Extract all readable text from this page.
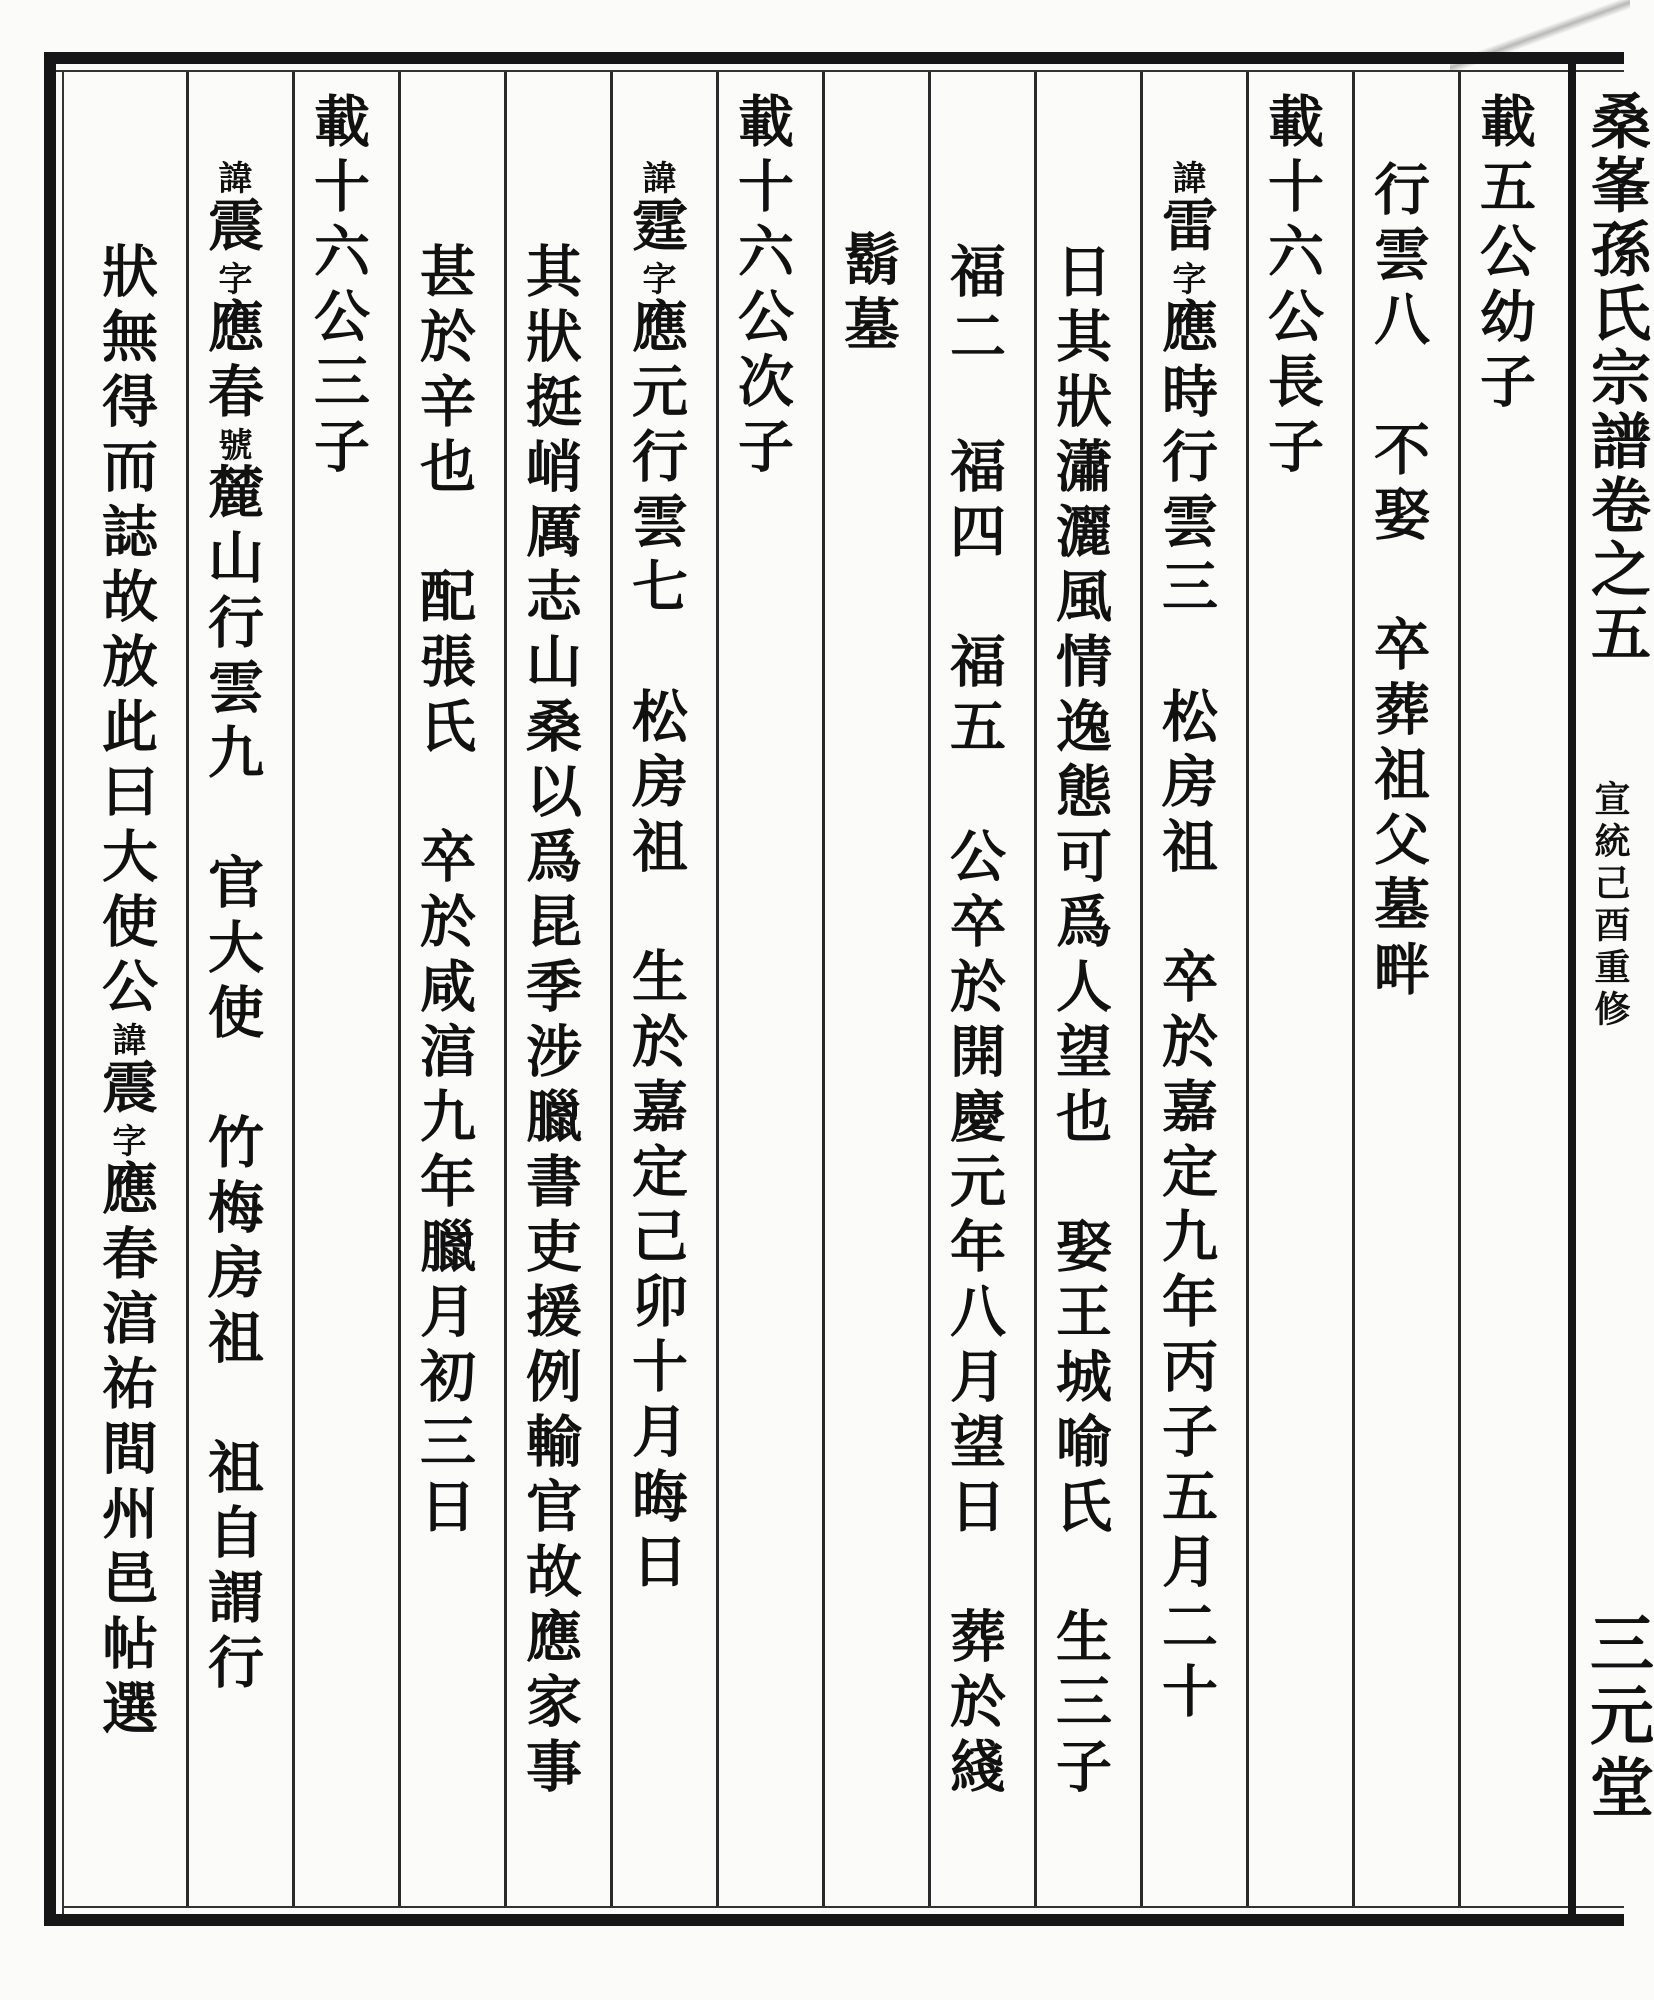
載五公幼子
行雲八　不娶　卒葬祖父墓畔
載十六公長子
諱雷字應時行雲三　松房祖　卒於嘉定九年丙子五月二十
日其狀瀟灑風情逸態可爲人望也　娶王城喻氏　生三子
福二　福四　福五　公卒於開慶元年八月望日　葬於綫
鬍墓
載十六公次子
諱霆字應元行雲七　松房祖　生於嘉定己卯十月晦日
其狀挺峭厲志山桑以爲昆季涉臘書吏援例輸官故應家事
甚於辛也　配張氏　卒於咸湻九年臘月初三日
載十六公三子
諱震字應春號麓山行雲九　官大使　竹梅房祖　祖自謂行
狀無得而誌故放此曰大使公諱震字應春湻祐間州邑帖選
桑峯孫氏宗譜卷之五
宣統己酉重修
三元堂
